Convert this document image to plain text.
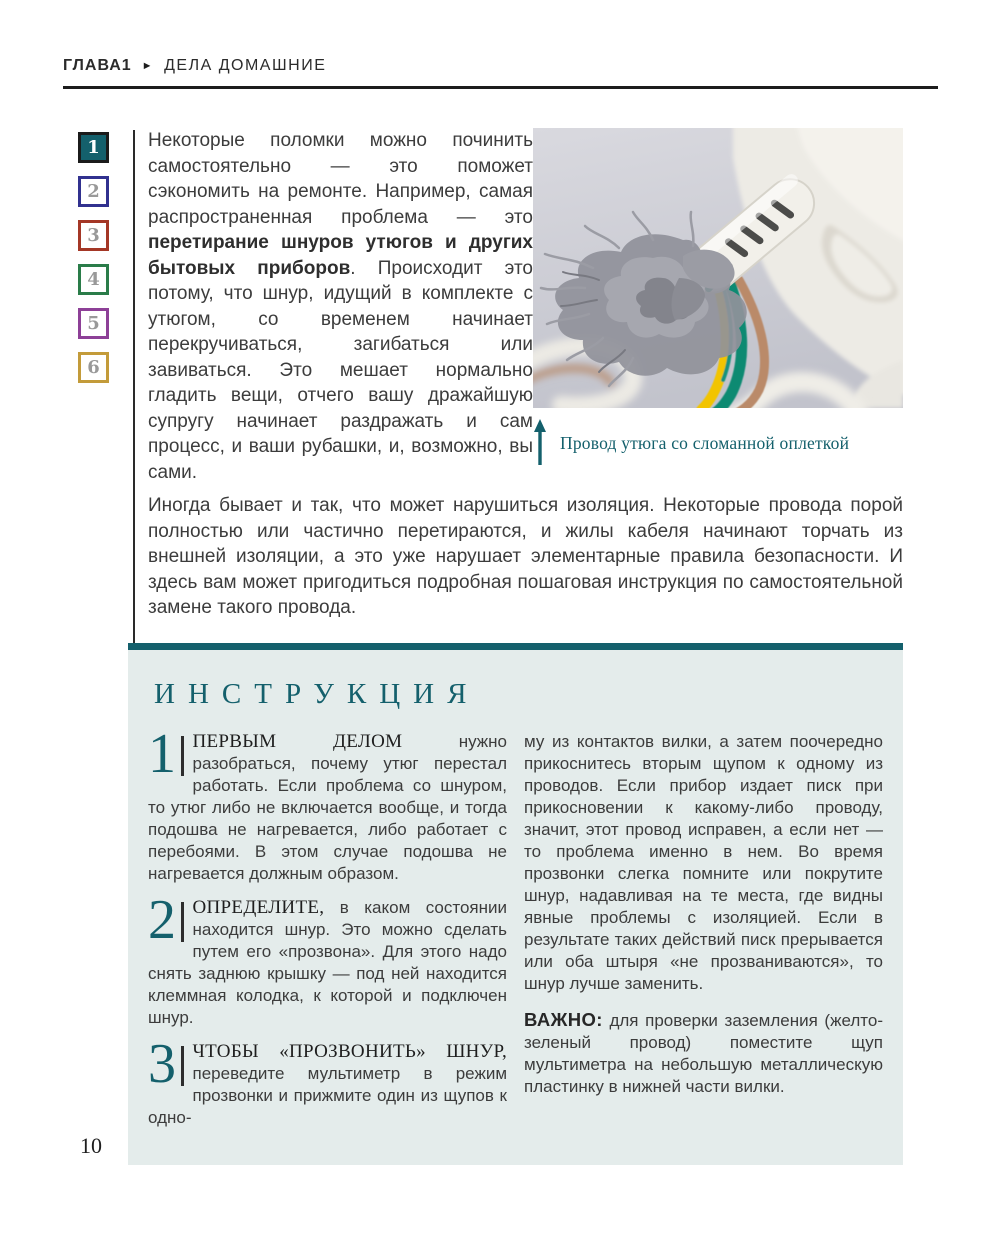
ГЛАВА1 ► ДЕЛА ДОМАШНИЕ
1
2
3
4
5
6
Провод утюга со сломанной оплеткой

Некоторые поломки можно починить самостоятельно — это поможет сэкономить на ремонте. Например, самая распространенная проблема — это перетирание шнуров утюгов и других бытовых приборов. Происходит это потому, что шнур, идущий в комплекте с утюгом, со временем начинает перекручиваться, загибаться или завиваться. Это мешает нормально гладить вещи, отчего вашу дражайшую супругу начинает раздражать и сам процесс, и ваши рубашки, и, возможно, вы сами.

Иногда бывает и так, что может нарушиться изоляция. Некоторые провода порой полностью или частично перетираются, и жилы кабеля начинают торчать из внешней изоляции, а это уже нарушает элементарные правила безопасности. И здесь вам может пригодиться подробная пошаговая инструкция по самостоятельной замене такого провода.

ИНСТРУКЦИЯ

1 ПЕРВЫМ ДЕЛОМ	нужно разобраться, почему утюг перестал работать. Если проблема со шнуром, то утюг либо не включается вообще, и тогда подошва не нагревается, либо работает с перебоями. В этом случае подошва не нагревается должным образом.

2 ОПРЕДЕЛИТЕ, в каком состоянии находится шнур. Это можно сделать путем его «прозвона». Для этого надо снять заднюю крышку — под ней находится клеммная колодка, к которой и подключен шнур.

3 ЧТОБЫ «ПРОЗВОНИТЬ» ШНУР, переведите мультиметр в режим прозвонки и прижмите один из щупов к одно-

му из контактов вилки, а затем поочередно прикоснитесь вторым щупом к одному из проводов. Если прибор издает писк при прикосновении к какому-либо проводу, значит, этот провод исправен, а если нет — то проблема именно в нем. Во время прозвонки слегка помните или покрутите шнур, надавливая на те места, где видны явные проблемы с изоляцией. Если в результате таких действий писк прерывается или оба штыря «не прозваниваются», то шнур лучше заменить.

ВАЖНО: для проверки заземления (желто-зеленый провод) поместите щуп мультиметра на небольшую металлическую пластинку в нижней части вилки.

10
